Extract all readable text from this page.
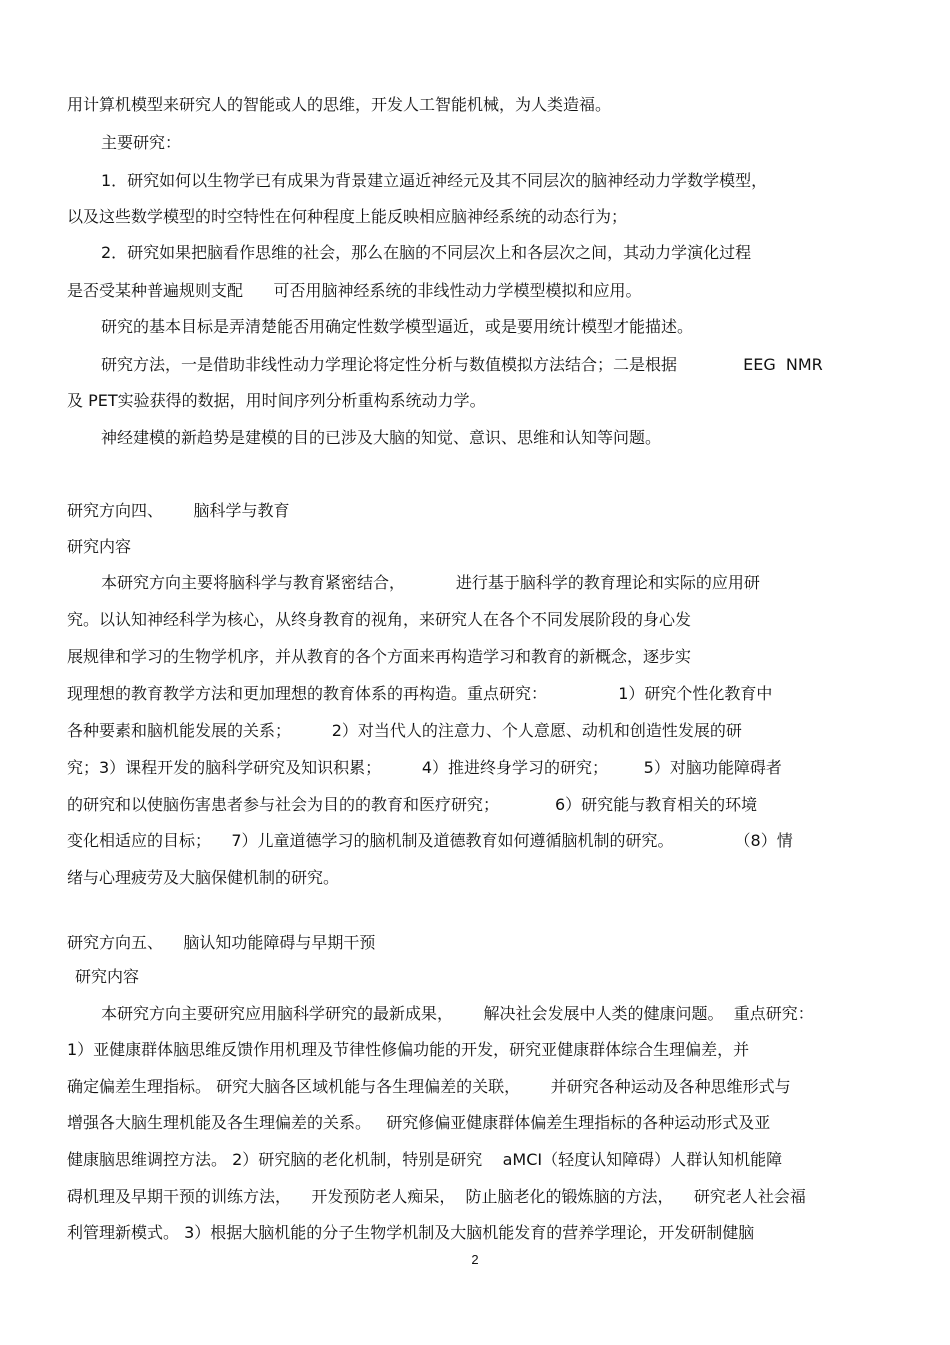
用计算机模型来研究人的智能或人的思维，开发人工智能机械，为人类造福。
主要研究：
1．研究如何以生物学已有成果为背景建立逼近神经元及其不同层次的脑神经动力学数学模型，
以及这些数学模型的时空特性在何种程度上能反映相应脑神经系统的动态行为；
2．研究如果把脑看作思维的社会，那么在脑的不同层次上和各层次之间，其动力学演化过程
是否受某种普遍规则支配      可否用脑神经系统的非线性动力学模型模拟和应用。
研究的基本目标是弄清楚能否用确定性数学模型逼近，或是要用统计模型才能描述。
研究方法，一是借助非线性动力学理论将定性分析与数值模拟方法结合；二是根据             EEG  NMR
及 PET实验获得的数据，用时间序列分析重构系统动力学。
神经建模的新趋势是建模的目的已涉及大脑的知觉、意识、思维和认知等问题。
研究方向四、      脑科学与教育
研究内容
本研究方向主要将脑科学与教育紧密结合，          进行基于脑科学的教育理论和实际的应用研
究。以认知神经科学为核心，从终身教育的视角，来研究人在各个不同发展阶段的身心发
展规律和学习的生物学机序，并从教育的各个方面来再构造学习和教育的新概念，逐步实
现理想的教育教学方法和更加理想的教育体系的再构造。重点研究：              1）研究个性化教育中
各种要素和脑机能发展的关系；        2）对当代人的注意力、个人意愿、动机和创造性发展的研
究；3）课程开发的脑科学研究及知识积累；        4）推进终身学习的研究；       5）对脑功能障碍者
的研究和以使脑伤害患者参与社会为目的的教育和医疗研究；           6）研究能与教育相关的环境
变化相适应的目标；    7）儿童道德学习的脑机制及道德教育如何遵循脑机制的研究。            （8）情
绪与心理疲劳及大脑保健机制的研究。
研究方向五、    脑认知功能障碍与早期干预
研究内容
本研究方向主要研究应用脑科学研究的最新成果，      解决社会发展中人类的健康问题。  重点研究：
1）亚健康群体脑思维反馈作用机理及节律性修偏功能的开发，研究亚健康群体综合生理偏差，并
确定偏差生理指标。 研究大脑各区域机能与各生理偏差的关联，      并研究各种运动及各种思维形式与
增强各大脑生理机能及各生理偏差的关系。   研究修偏亚健康群体偏差生理指标的各种运动形式及亚
健康脑思维调控方法。 2）研究脑的老化机制，特别是研究    aMCI（轻度认知障碍）人群认知机能障
碍机理及早期干预的训练方法，    开发预防老人痴呆，  防止脑老化的锻炼脑的方法，    研究老人社会福
利管理新模式。 3）根据大脑机能的分子生物学机制及大脑机能发育的营养学理论，开发研制健脑
2
